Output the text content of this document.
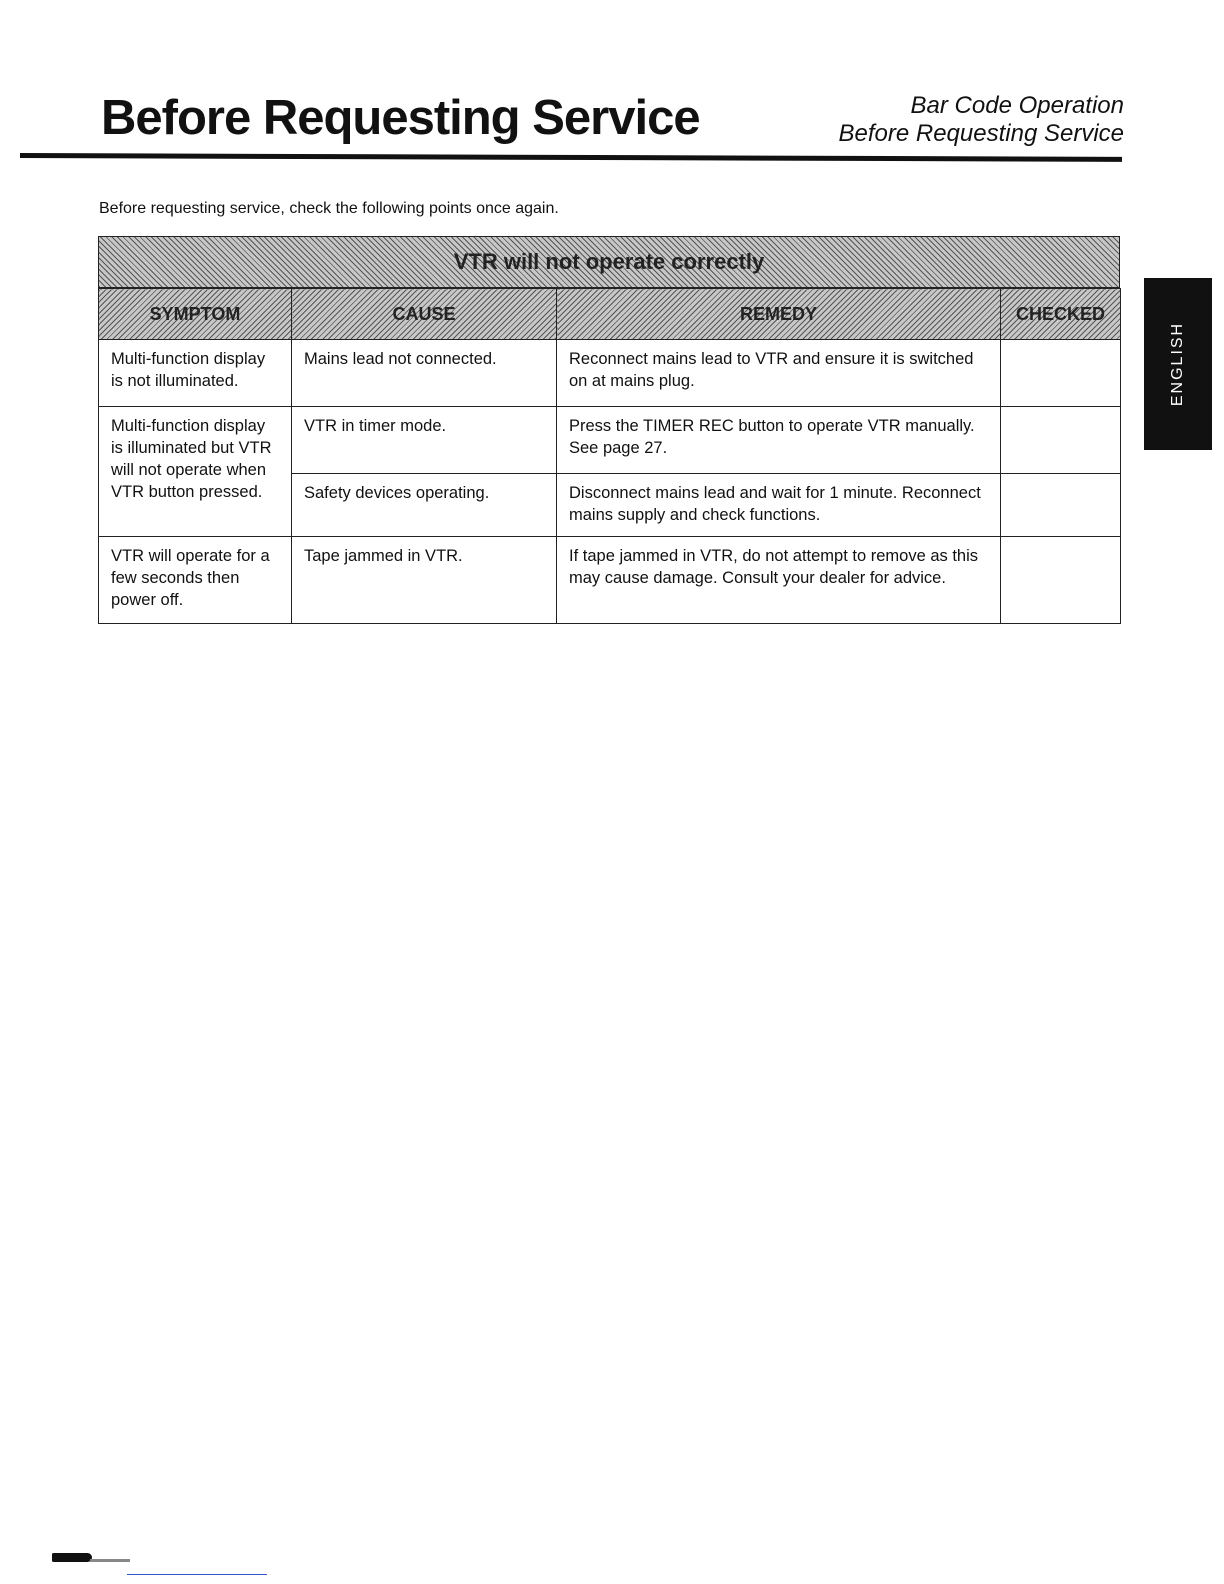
Before Requesting Service	Bar Code Operation
Before Requesting Service
Before requesting service, check the following points once again.
ENGLISH
VTR will not operate correctly
SYMPTOM	CAUSE	REMEDY	CHECKED
Multi-function display is not illuminated.	Mains lead not connected.	Reconnect mains lead to VTR and ensure it is switched on at mains plug.	
Multi-function display is illuminated but VTR will not operate when VTR button pressed.	VTR in timer mode.	Press the TIMER REC button to operate VTR manually. See page 27.	
	Safety devices operating.	Disconnect mains lead and wait for 1 minute. Reconnect mains supply and check functions.	
VTR will operate for a few seconds then power off.	Tape jammed in VTR.	If tape jammed in VTR, do not attempt to remove as this may cause damage. Consult your dealer for advice.	
